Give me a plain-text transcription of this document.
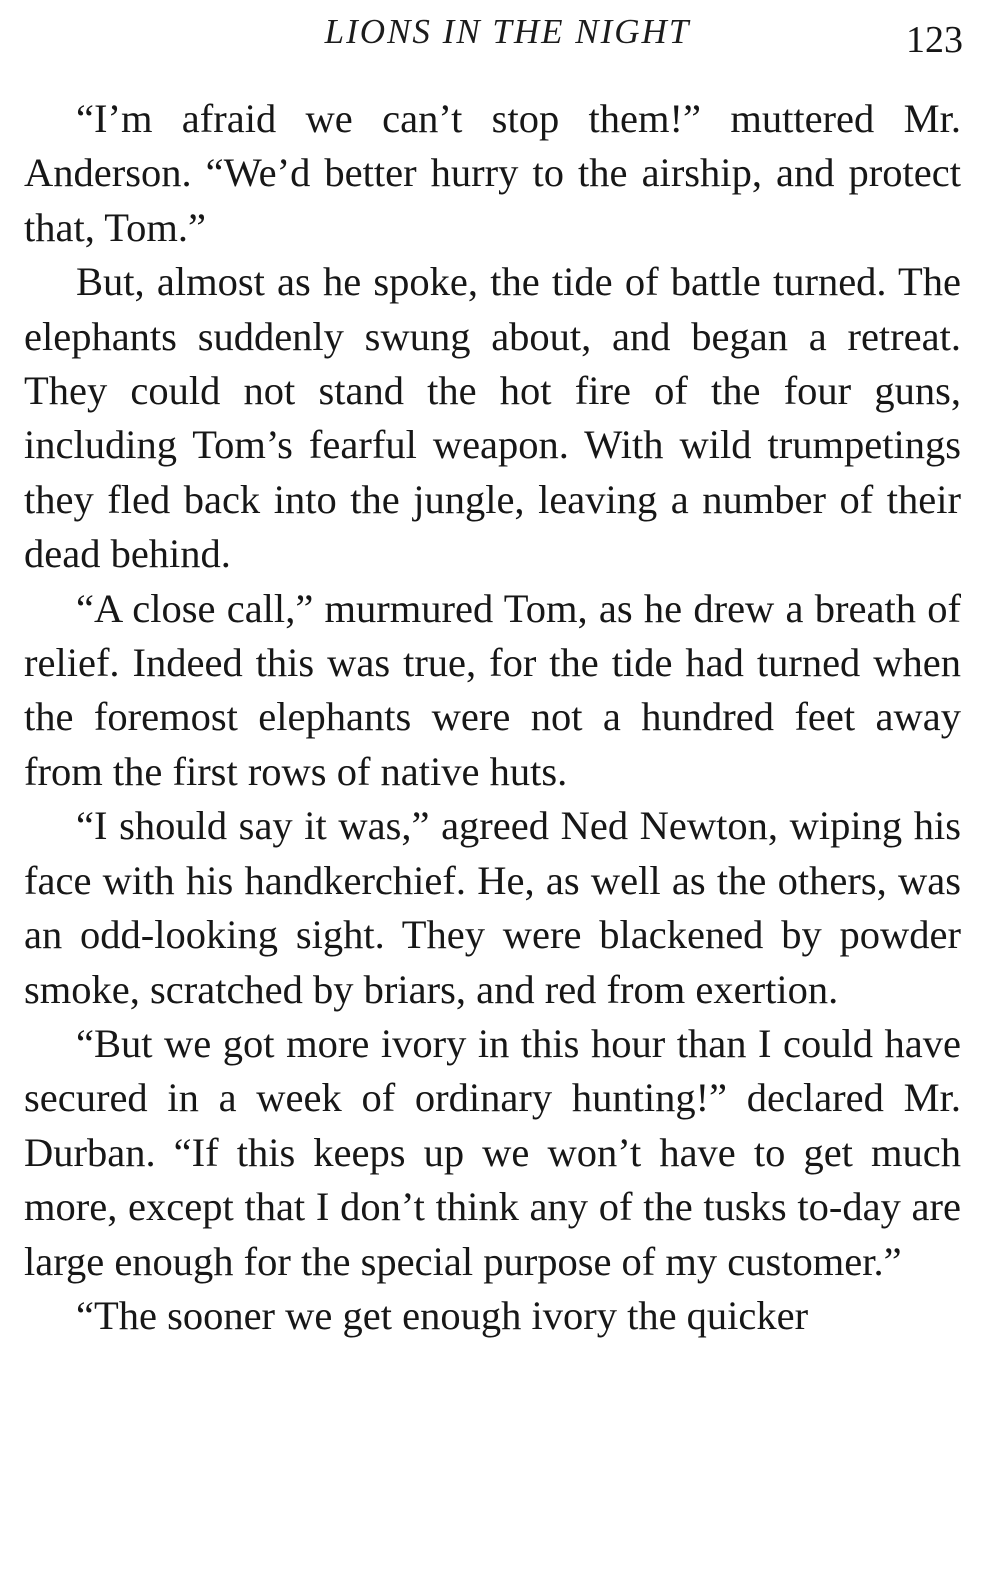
LIONS IN THE NIGHT	123

“I’m afraid we can’t stop them!” muttered Mr. Anderson. “We’d better hurry to the airship, and protect that, Tom.”

But, almost as he spoke, the tide of battle turned. The elephants suddenly swung about, and began a retreat. They could not stand the hot fire of the four guns, including Tom’s fearful weapon. With wild trumpetings they fled back into the jungle, leaving a number of their dead behind.

“A close call,” murmured Tom, as he drew a breath of relief. Indeed this was true, for the tide had turned when the foremost elephants were not a hundred feet away from the first rows of native huts.

“I should say it was,” agreed Ned Newton, wiping his face with his handkerchief. He, as well as the others, was an odd-looking sight. They were blackened by powder smoke, scratched by briars, and red from exertion.

“But we got more ivory in this hour than I could have secured in a week of ordinary hunting!” declared Mr. Durban. “If this keeps up we won’t have to get much more, except that I don’t think any of the tusks to-day are large enough for the special purpose of my customer.”

“The sooner we get enough ivory the quicker
